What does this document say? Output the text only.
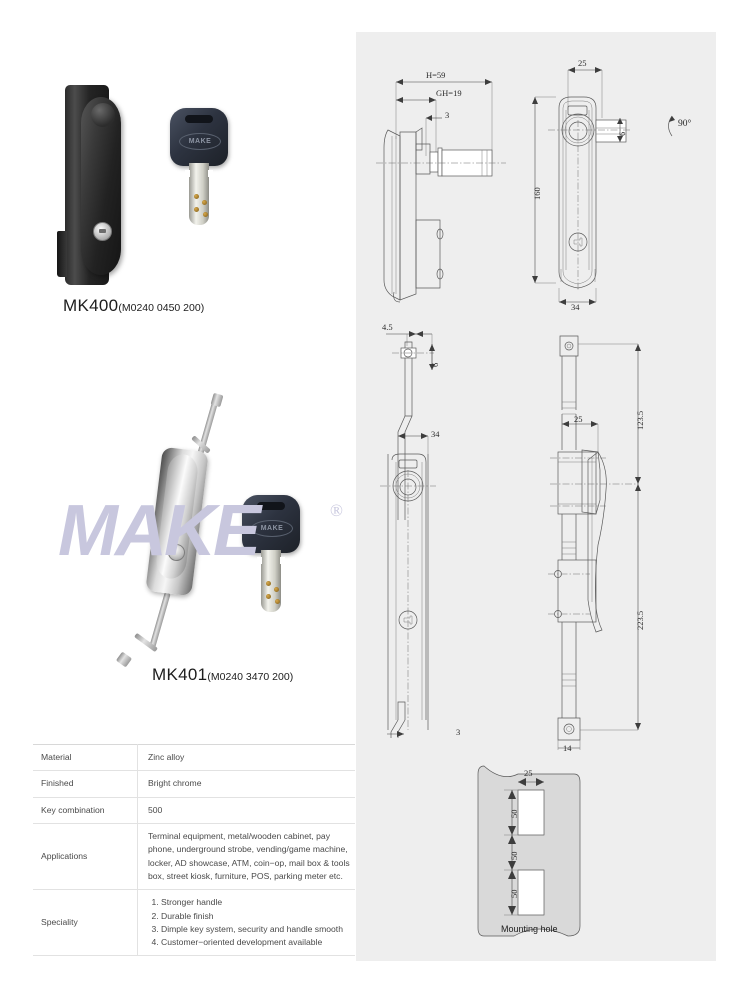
MAKE
MK400(M0240 0450 200)
MAKE
MK401(M0240 3470 200)
MAKE	®
Material	Zinc alloy
Finished	Bright chrome
Key combination	500
Applications	Terminal equipment, metal/wooden cabinet, pay phone, underground strobe, vending/game machine, locker, AD showcase, ATM, coin−op, mail box & tools box, street kiosk, furniture, POS, parking meter etc.
Speciality	
1. Stronger handle
2. Durable finish
3. Dimple key system, security and handle smooth
4. Customer−oriented development available
H=59
GH=19
3
25
160
6
34
90°
4.5
6
34
3
25	123.5
223.5
14
25
50
50
50
Mounting hole
